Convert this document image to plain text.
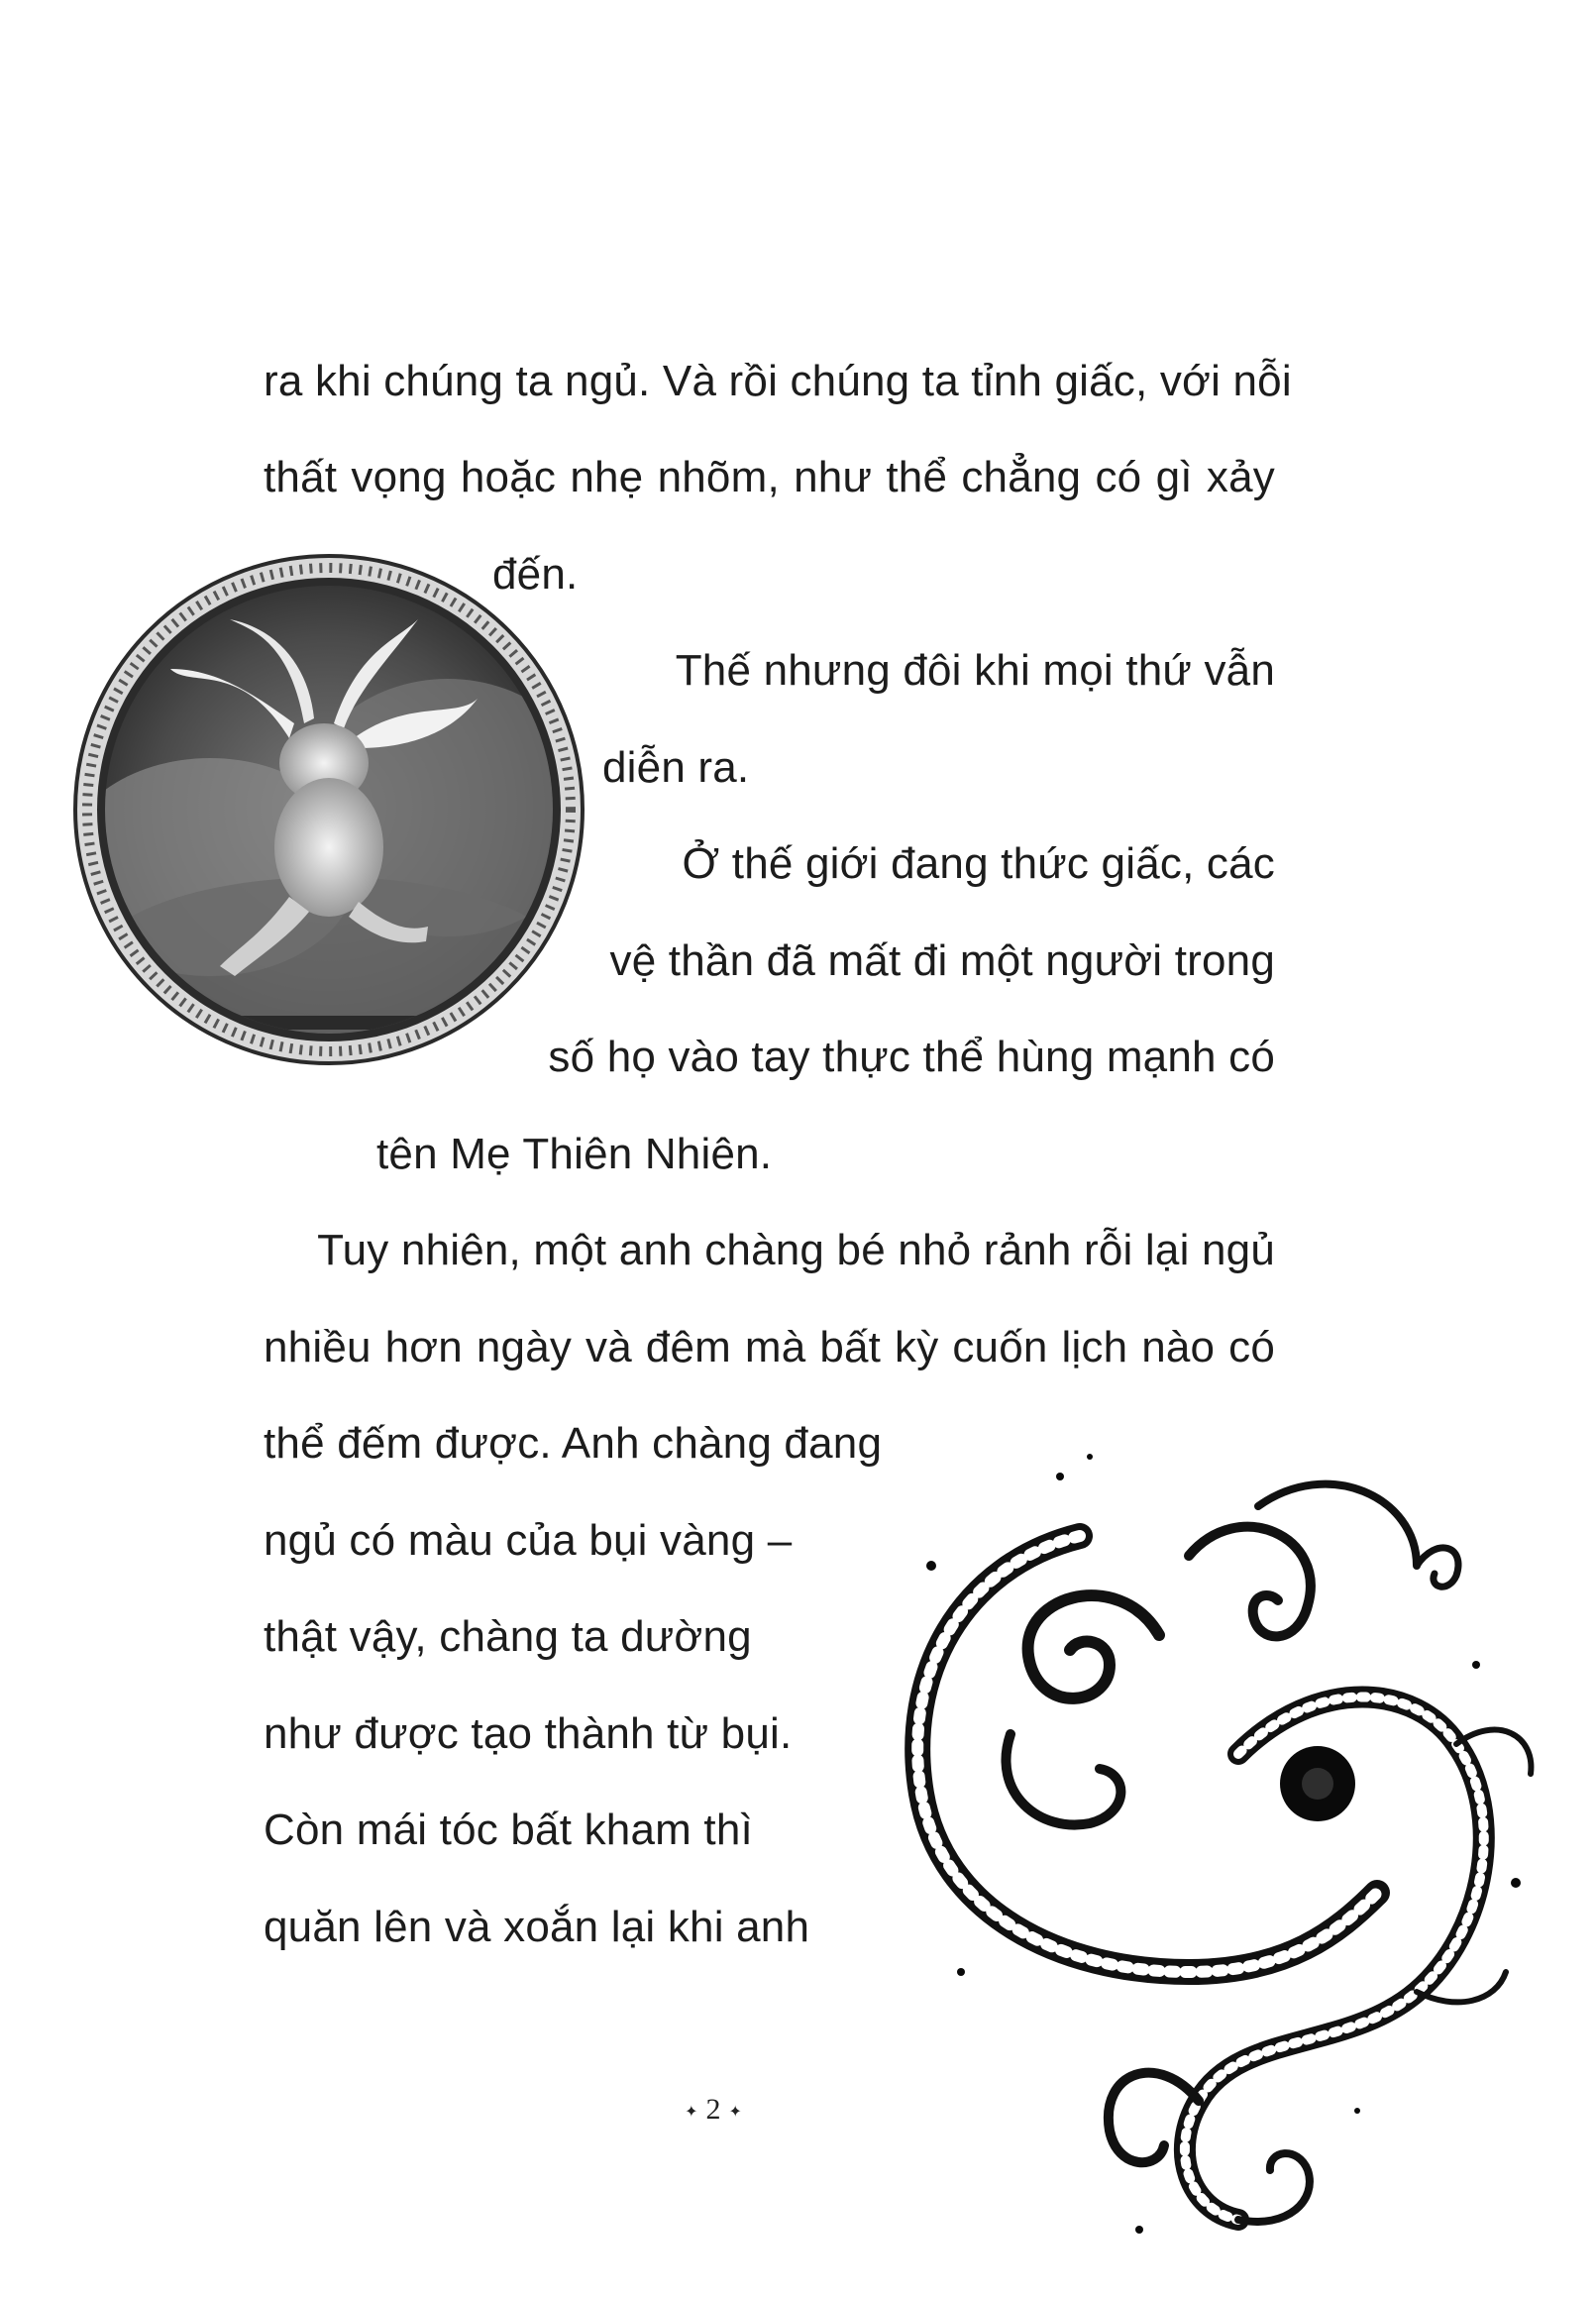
ra khi chúng ta ngủ. Và rồi chúng ta tỉnh giấc, với nỗi
thất vọng hoặc nhẹ nhõm, như thể chẳng có gì xảy
đến.
Thế nhưng đôi khi mọi thứ vẫn
diễn ra.
Ở thế giới đang thức giấc, các
vệ thần đã mất đi một người trong
số họ vào tay thực thể hùng mạnh có
tên Mẹ Thiên Nhiên.
Tuy nhiên, một anh chàng bé nhỏ rảnh rỗi lại ngủ
nhiều hơn ngày và đêm mà bất kỳ cuốn lịch nào có
thể đếm được. Anh chàng đang
ngủ có màu của bụi vàng –
thật vậy, chàng ta dường
như được tạo thành từ bụi.
Còn mái tóc bất kham thì
quăn lên và xoắn lại khi anh
✦ 2 ✦
